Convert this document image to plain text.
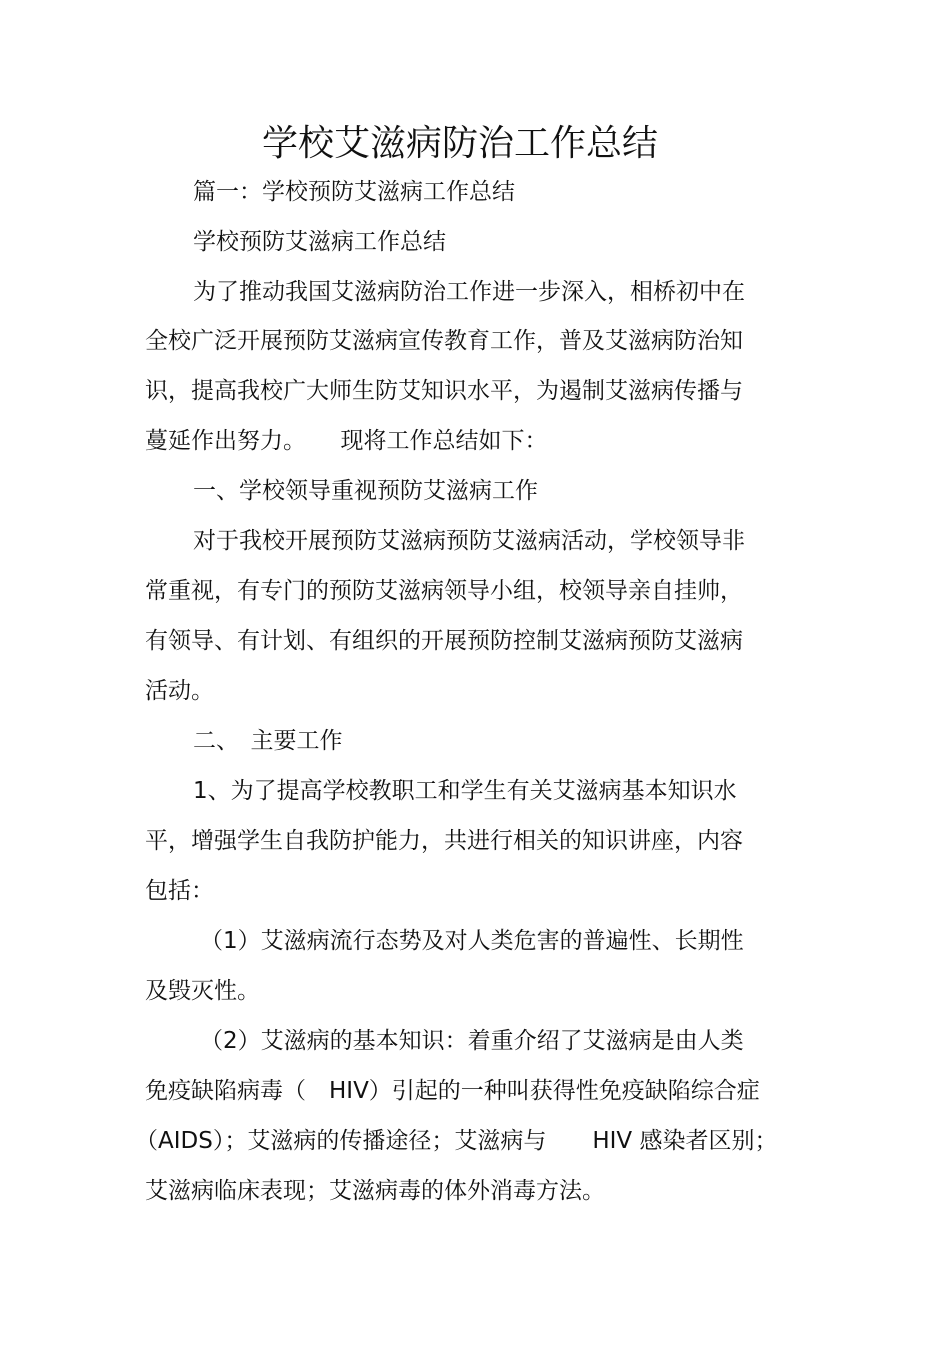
学校艾滋病防治工作总结
篇一：学校预防艾滋病工作总结
学校预防艾滋病工作总结
为了推动我国艾滋病防治工作进一步深入，相桥初中在
全校广泛开展预防艾滋病宣传教育工作，普及艾滋病防治知
识，提高我校广大师生防艾知识水平，为遏制艾滋病传播与
蔓延作出努力。　　现将工作总结如下：
一、学校领导重视预防艾滋病工作
对于我校开展预防艾滋病预防艾滋病活动，学校领导非
常重视，有专门的预防艾滋病领导小组，校领导亲自挂帅，
有领导、有计划、有组织的开展预防控制艾滋病预防艾滋病
活动。
二、　主要工作
1、为了提高学校教职工和学生有关艾滋病基本知识水
平，增强学生自我防护能力，共进行相关的知识讲座，内容
包括：
（1）艾滋病流行态势及对人类危害的普遍性、长期性
及毁灭性。
（2）艾滋病的基本知识：着重介绍了艾滋病是由人类
免疫缺陷病毒（　HIV）引起的一种叫获得性免疫缺陷综合症
（AIDS）；艾滋病的传播途径；艾滋病与　　HIV 感染者区别；
艾滋病临床表现；艾滋病毒的体外消毒方法。
